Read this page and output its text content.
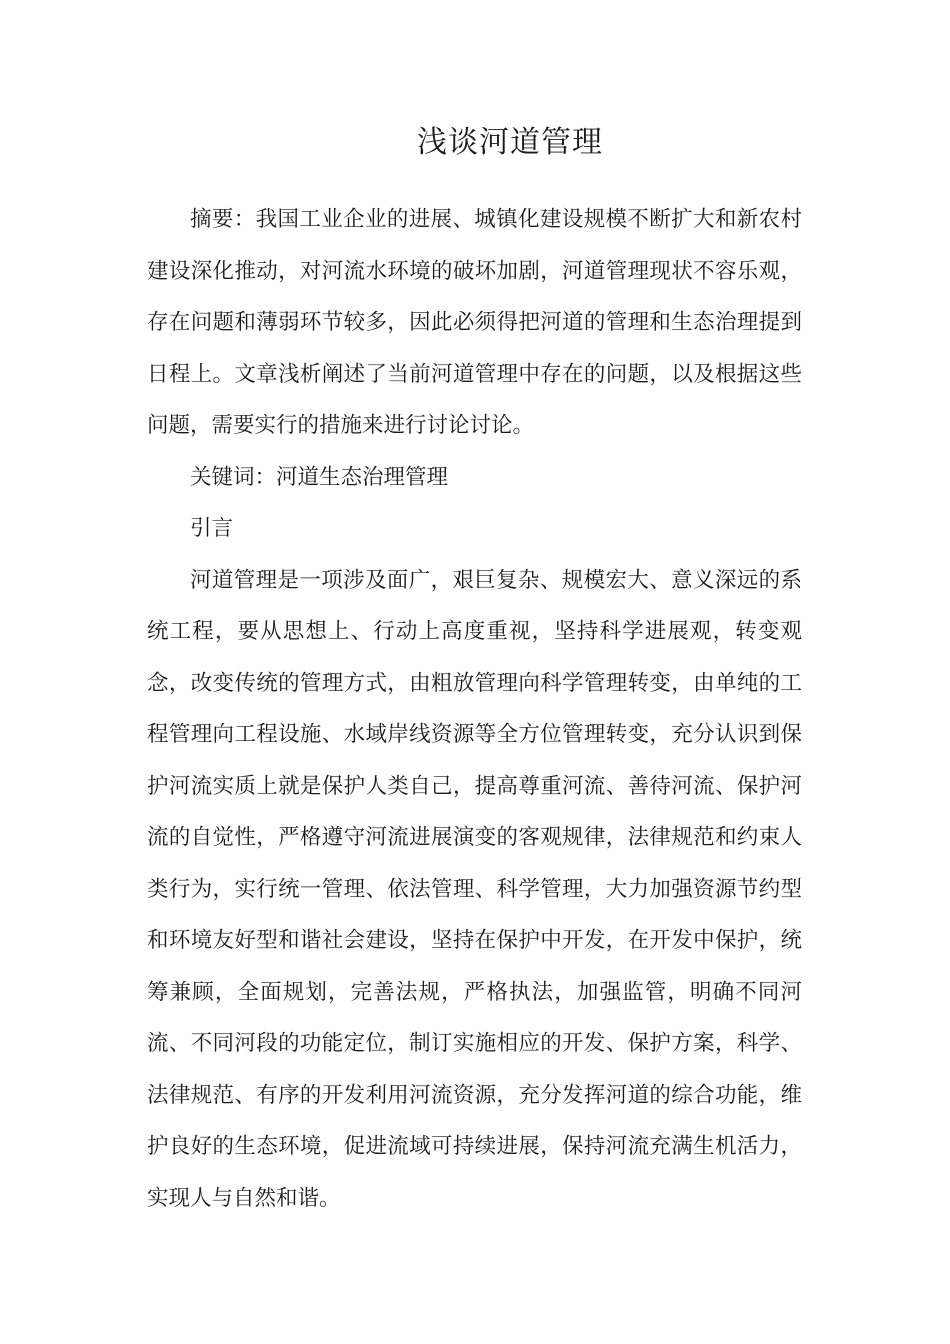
浅谈河道管理

摘要：我国工业企业的进展、城镇化建设规模不断扩大和新农村建设深化推动，对河流水环境的破坏加剧，河道管理现状不容乐观，存在问题和薄弱环节较多，因此必须得把河道的管理和生态治理提到日程上。文章浅析阐述了当前河道管理中存在的问题，以及根据这些问题，需要实行的措施来进行讨论讨论。

关键词：河道生态治理管理

引言

河道管理是一项涉及面广，艰巨复杂、规模宏大、意义深远的系统工程，要从思想上、行动上高度重视，坚持科学进展观，转变观念，改变传统的管理方式，由粗放管理向科学管理转变，由单纯的工程管理向工程设施、水域岸线资源等全方位管理转变，充分认识到保护河流实质上就是保护人类自己，提高尊重河流、善待河流、保护河流的自觉性，严格遵守河流进展演变的客观规律，法律规范和约束人类行为，实行统一管理、依法管理、科学管理，大力加强资源节约型和环境友好型和谐社会建设，坚持在保护中开发，在开发中保护，统筹兼顾，全面规划，完善法规，严格执法，加强监管，明确不同河流、不同河段的功能定位，制订实施相应的开发、保护方案，科学、法律规范、有序的开发利用河流资源，充分发挥河道的综合功能，维护良好的生态环境，促进流域可持续进展，保持河流充满生机活力，实现人与自然和谐。
